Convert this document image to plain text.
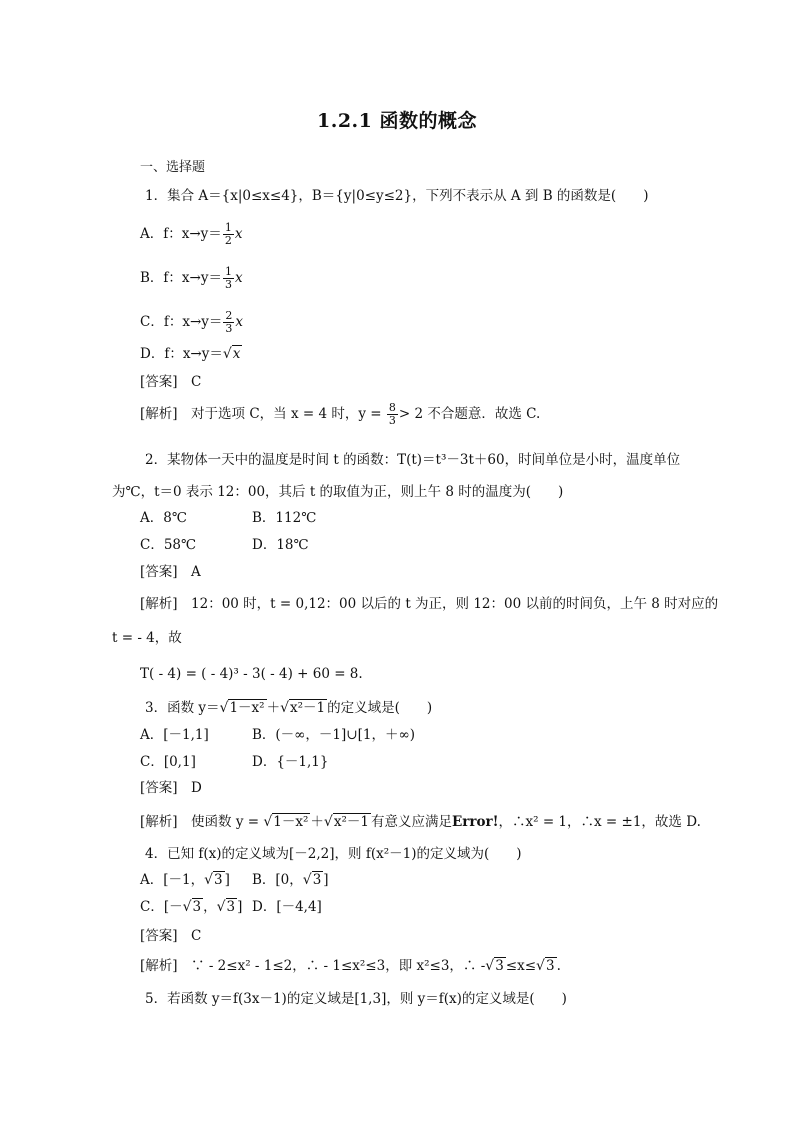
1.2.1 函数的概念
一、选择题
1．集合 A＝{x|0≤x≤4}，B＝{y|0≤y≤2}，下列不表示从 A 到 B 的函数是(　　)
A．f：$x\to y= \frac{1}{2}$ x
B．f：$x\to y= \frac{1}{3}$ x
C．f：$x\to y= \frac{2}{3}$ x
D．f：x→y＝√x
[答案]　C
[解析]　对于选项 C，当 x = 4 时，$y = \frac{8}{3} > 2$ 不合题意．故选 C.
2．某物体一天中的温度是时间 t 的函数：T(t)＝t³－3t＋60，时间单位是小时，温度单位
为℃，t＝0 表示 12：00，其后 t 的取值为正，则上午 8 时的温度为(　　)
A．8℃	B．112℃
C．58℃	D．18℃
[答案]　A
[解析]　12：00 时，t = 0,12：00 以后的 t 为正，则 12：00 以前的时间负，上午 8 时对应的
t = - 4，故
T( - 4) = ( - 4)³ - 3( - 4) + 60 = 8.
3．函数 y＝√1－x² ＋√x²－1 的定义域是(　　)
A．[－1,1]	B．(－∞，－1]∪[1，＋∞)
C．[0,1]	D．{－1,1}
[答案]　D
[解析]　使函数 y = √1－x² ＋√x²－1 有意义应满足Error!，∴x² = 1，∴x = ±1，故选 D.
4．已知 f(x)的定义域为[－2,2]，则 f(x²－1)的定义域为(　　)
A．[－1，√3 ] B．[0，√3 ]
C．[－√3 ，√3 ] D．[－4,4]
[答案]　C
[解析]　∵ - 2≤x² - 1≤2，∴ - 1≤x²≤3，即 x²≤3，∴ -√3 ≤x≤√3 .
5．若函数 y＝f(3x－1)的定义域是[1,3]，则 y＝f(x)的定义域是(　　)
